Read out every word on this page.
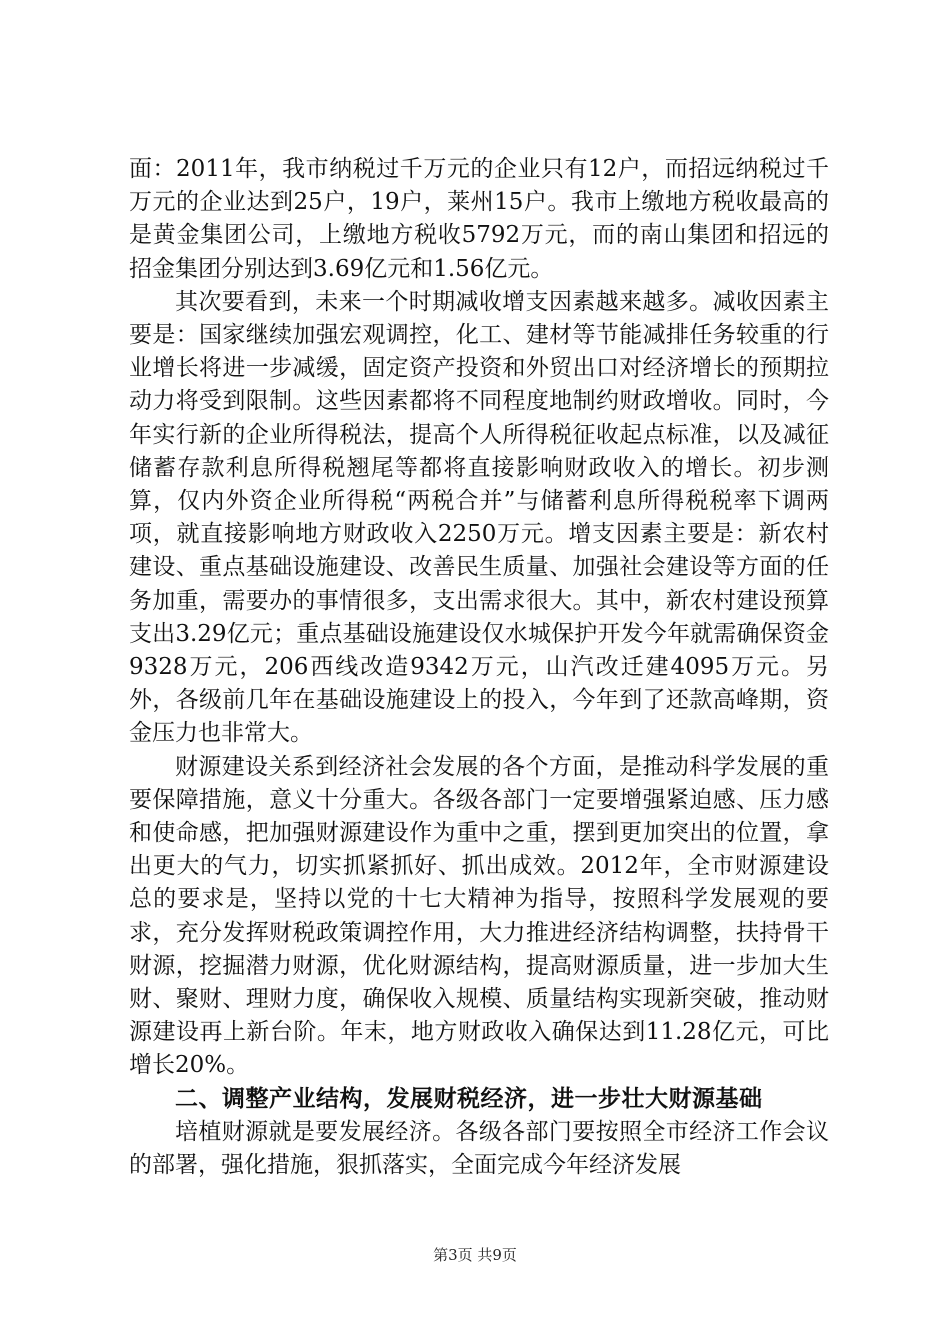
面：2011年，我市纳税过千万元的企业只有12户，而招远纳税过千万元的企业达到25户，19户，莱州15户。我市上缴地方税收最高的是黄金集团公司，上缴地方税收5792万元，而的南山集团和招远的招金集团分别达到3.69亿元和1.56亿元。

其次要看到，未来一个时期减收增支因素越来越多。减收因素主要是：国家继续加强宏观调控，化工、建材等节能减排任务较重的行业增长将进一步减缓，固定资产投资和外贸出口对经济增长的预期拉动力将受到限制。这些因素都将不同程度地制约财政增收。同时，今年实行新的企业所得税法，提高个人所得税征收起点标准，以及减征储蓄存款利息所得税翘尾等都将直接影响财政收入的增长。初步测算，仅内外资企业所得税“两税合并”与储蓄利息所得税税率下调两项，就直接影响地方财政收入2250万元。增支因素主要是：新农村建设、重点基础设施建设、改善民生质量、加强社会建设等方面的任务加重，需要办的事情很多，支出需求很大。其中，新农村建设预算支出3.29亿元；重点基础设施建设仅水城保护开发今年就需确保资金9328万元，206西线改造9342万元，山汽改迁建4095万元。另外，各级前几年在基础设施建设上的投入，今年到了还款高峰期，资金压力也非常大。

财源建设关系到经济社会发展的各个方面，是推动科学发展的重要保障措施，意义十分重大。各级各部门一定要增强紧迫感、压力感和使命感，把加强财源建设作为重中之重，摆到更加突出的位置，拿出更大的气力，切实抓紧抓好、抓出成效。2012年，全市财源建设总的要求是，坚持以党的十七大精神为指导，按照科学发展观的要求，充分发挥财税政策调控作用，大力推进经济结构调整，扶持骨干财源，挖掘潜力财源，优化财源结构，提高财源质量，进一步加大生财、聚财、理财力度，确保收入规模、质量结构实现新突破，推动财源建设再上新台阶。年末，地方财政收入确保达到11.28亿元，可比增长20%。

二、调整产业结构，发展财税经济，进一步壮大财源基础

培植财源就是要发展经济。各级各部门要按照全市经济工作会议的部署，强化措施，狠抓落实，全面完成今年经济发展

第3页 共9页
